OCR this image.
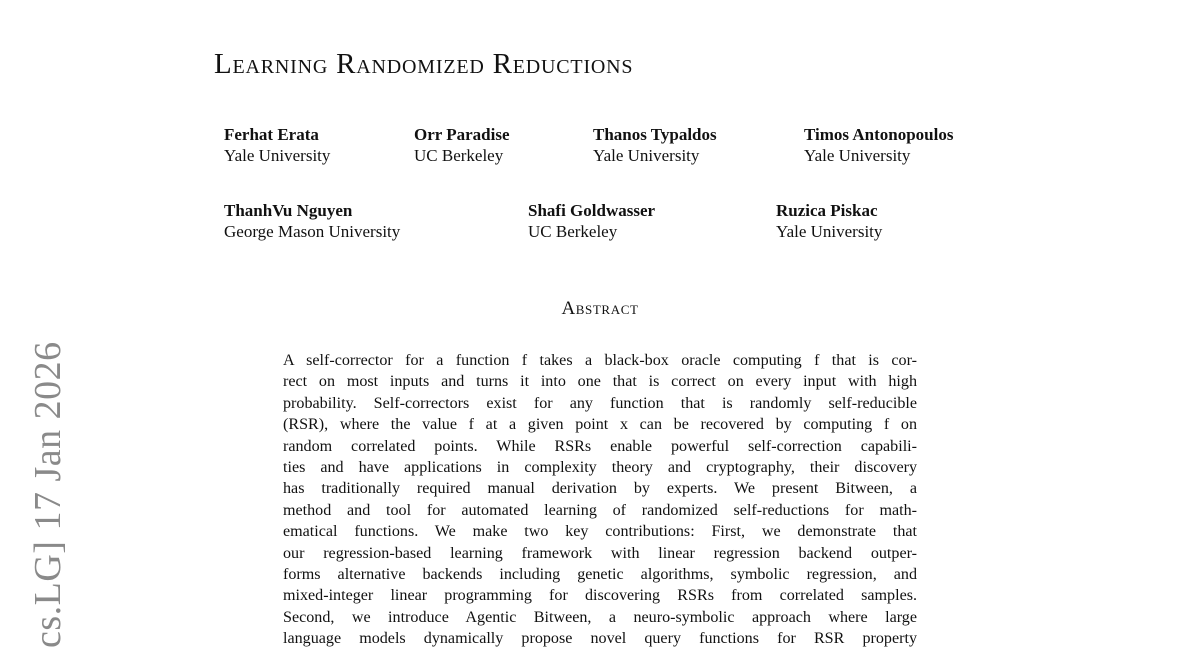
cs.LG] 17 Jan 2026
Learning Randomized Reductions
Ferhat Erata
Yale University
Orr Paradise
UC Berkeley
Thanos Typaldos
Yale University
Timos Antonopoulos
Yale University
ThanhVu Nguyen
George Mason University
Shafi Goldwasser
UC Berkeley
Ruzica Piskac
Yale University
Abstract
A self-corrector for a function f takes a black-box oracle computing f that is cor-
rect on most inputs and turns it into one that is correct on every input with high
probability. Self-correctors exist for any function that is randomly self-reducible
(RSR), where the value f at a given point x can be recovered by computing f on
random correlated points. While RSRs enable powerful self-correction capabili-
ties and have applications in complexity theory and cryptography, their discovery
has traditionally required manual derivation by experts. We present Bitween, a
method and tool for automated learning of randomized self-reductions for math-
ematical functions. We make two key contributions: First, we demonstrate that
our regression-based learning framework with linear regression backend outper-
forms alternative backends including genetic algorithms, symbolic regression, and
mixed-integer linear programming for discovering RSRs from correlated samples.
Second, we introduce Agentic Bitween, a neuro-symbolic approach where large
language models dynamically propose novel query functions for RSR property
